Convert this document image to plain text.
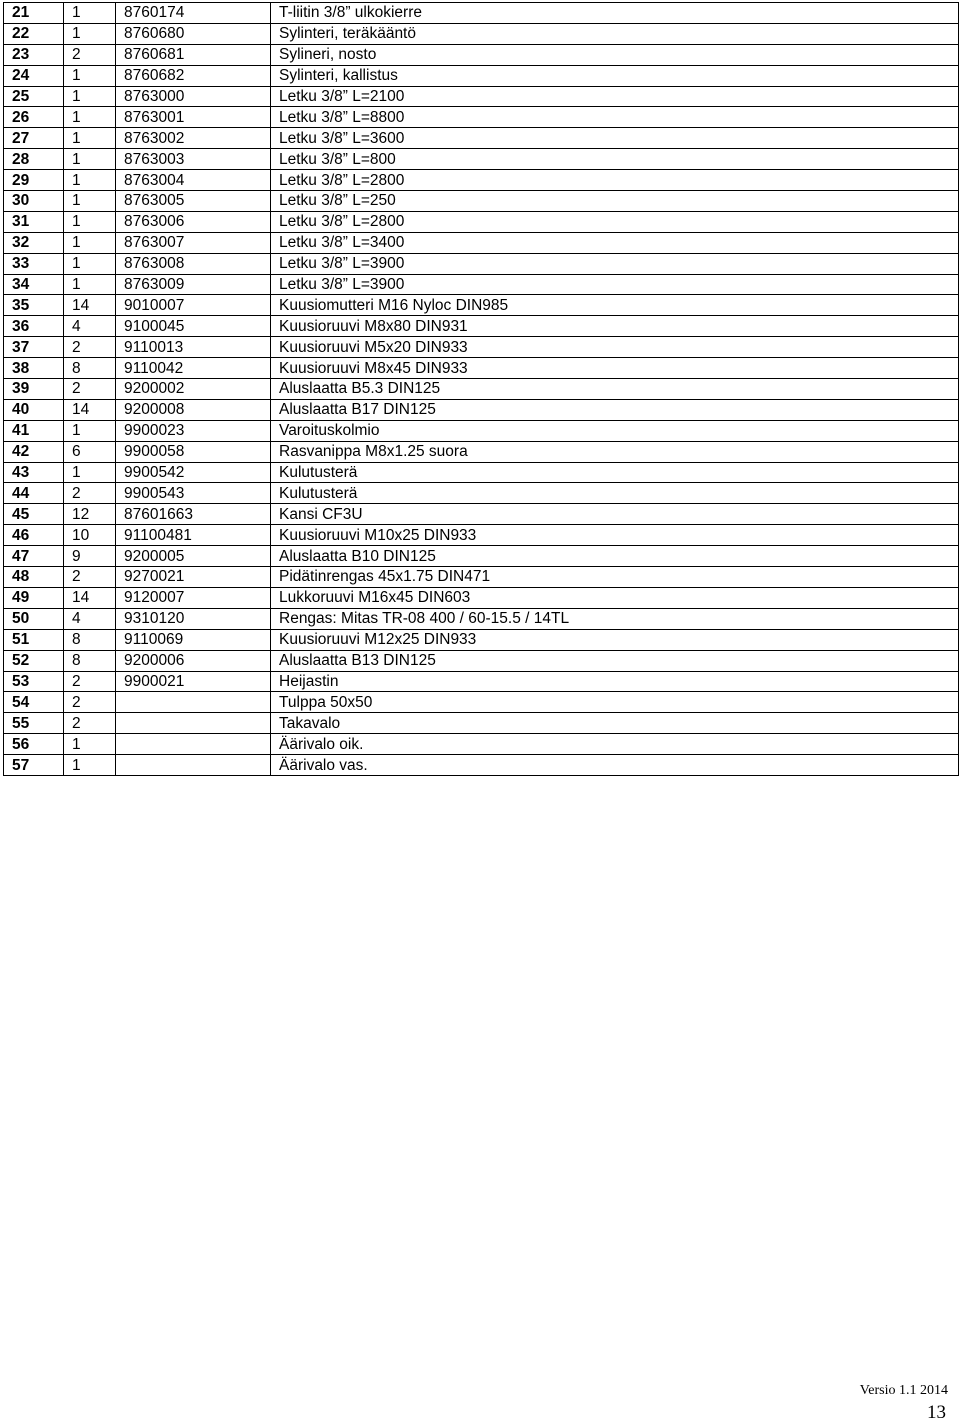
21	1	8760174	T-liitin 3/8” ulkokierre
22	1	8760680	Sylinteri, teräkääntö
23	2	8760681	Sylineri, nosto
24	1	8760682	Sylinteri, kallistus
25	1	8763000	Letku 3/8” L=2100
26	1	8763001	Letku 3/8” L=8800
27	1	8763002	Letku 3/8” L=3600
28	1	8763003	Letku 3/8” L=800
29	1	8763004	Letku 3/8” L=2800
30	1	8763005	Letku 3/8” L=250
31	1	8763006	Letku 3/8” L=2800
32	1	8763007	Letku 3/8” L=3400
33	1	8763008	Letku 3/8” L=3900
34	1	8763009	Letku 3/8” L=3900
35	14	9010007	Kuusiomutteri M16 Nyloc DIN985
36	4	9100045	Kuusioruuvi M8x80 DIN931
37	2	9110013	Kuusioruuvi M5x20 DIN933
38	8	9110042	Kuusioruuvi M8x45 DIN933
39	2	9200002	Aluslaatta B5.3 DIN125
40	14	9200008	Aluslaatta B17 DIN125
41	1	9900023	Varoituskolmio
42	6	9900058	Rasvanippa M8x1.25 suora
43	1	9900542	Kulutusterä
44	2	9900543	Kulutusterä
45	12	87601663	Kansi CF3U
46	10	91100481	Kuusioruuvi M10x25 DIN933
47	9	9200005	Aluslaatta B10 DIN125
48	2	9270021	Pidätinrengas 45x1.75 DIN471
49	14	9120007	Lukkoruuvi M16x45 DIN603
50	4	9310120	Rengas: Mitas TR-08 400 / 60-15.5 / 14TL
51	8	9110069	Kuusioruuvi M12x25 DIN933
52	8	9200006	Aluslaatta B13 DIN125
53	2	9900021	Heijastin
54	2		Tulppa 50x50
55	2		Takavalo
56	1		Äärivalo oik.
57	1		Äärivalo vas.
Versio 1.1 2014
13
